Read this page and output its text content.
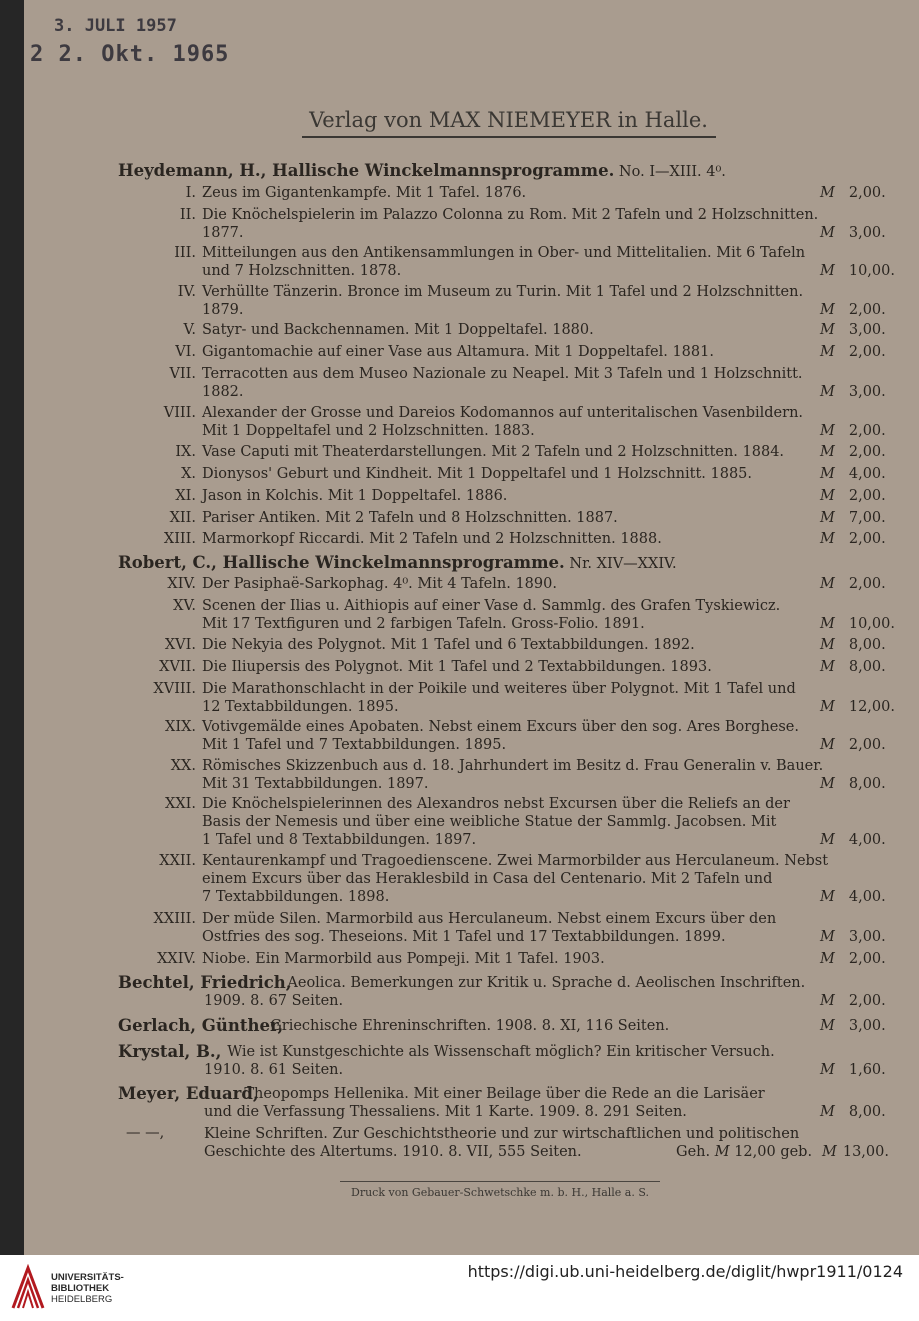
3. JULI 1957
2 2. Okt. 1965
Verlag von MAX NIEMEYER in Halle.
Heydemann, H., Hallische Winckelmannsprogramme. No. I—XIII. 4⁰.
I. Zeus im Gigantenkampfe. Mit 1 Tafel. 1876.	M 2,00.
II. Die Knöchelspielerin im Palazzo Colonna zu Rom. Mit 2 Tafeln und 2 Holzschnitten.
1877.	M 3,00.
III. Mitteilungen aus den Antikensammlungen in Ober- und Mittelitalien. Mit 6 Tafeln
und 7 Holzschnitten. 1878.	M 10,00.
IV. Verhüllte Tänzerin. Bronce im Museum zu Turin. Mit 1 Tafel und 2 Holzschnitten.
1879.	M 2,00.
V. Satyr- und Backchennamen. Mit 1 Doppeltafel. 1880.	M 3,00.
VI. Gigantomachie auf einer Vase aus Altamura. Mit 1 Doppeltafel. 1881.	M 2,00.
VII. Terracotten aus dem Museo Nazionale zu Neapel. Mit 3 Tafeln und 1 Holzschnitt.
1882.	M 3,00.
VIII. Alexander der Grosse und Dareios Kodomannos auf unteritalischen Vasenbildern.
Mit 1 Doppeltafel und 2 Holzschnitten. 1883.	M 2,00.
IX. Vase Caputi mit Theaterdarstellungen. Mit 2 Tafeln und 2 Holzschnitten. 1884. M 2,00.
X. Dionysos' Geburt und Kindheit. Mit 1 Doppeltafel und 1 Holzschnitt. 1885.	M 4,00.
XI. Jason in Kolchis. Mit 1 Doppeltafel. 1886.	M 2,00.
XII. Pariser Antiken. Mit 2 Tafeln und 8 Holzschnitten. 1887.	M 7,00.
XIII. Marmorkopf Riccardi. Mit 2 Tafeln und 2 Holzschnitten. 1888.	M 2,00.
Robert, C., Hallische Winckelmannsprogramme. Nr. XIV—XXIV.
XIV. Der Pasiphaë-Sarkophag. 4⁰. Mit 4 Tafeln. 1890.	M 2,00.
XV. Scenen der Ilias u. Aithiopis auf einer Vase d. Sammlg. des Grafen Tyskiewicz.
Mit 17 Textfiguren und 2 farbigen Tafeln. Gross-Folio. 1891.	M 10,00.
XVI. Die Nekyia des Polygnot. Mit 1 Tafel und 6 Textabbildungen. 1892.	M 8,00.
XVII. Die Iliupersis des Polygnot. Mit 1 Tafel und 2 Textabbildungen. 1893.	M 8,00.
XVIII. Die Marathonschlacht in der Poikile und weiteres über Polygnot. Mit 1 Tafel und
12 Textabbildungen. 1895.	M 12,00.
XIX. Votivgemälde eines Apobaten. Nebst einem Excurs über den sog. Ares Borghese.
Mit 1 Tafel und 7 Textabbildungen. 1895.	M 2,00.
XX. Römisches Skizzenbuch aus d. 18. Jahrhundert im Besitz d. Frau Generalin v. Bauer.
Mit 31 Textabbildungen. 1897.	M 8,00.
XXI. Die Knöchelspielerinnen des Alexandros nebst Excursen über die Reliefs an der
Basis der Nemesis und über eine weibliche Statue der Sammlg. Jacobsen. Mit
1 Tafel und 8 Textabbildungen. 1897.	M 4,00.
XXII. Kentaurenkampf und Tragoedienscene. Zwei Marmorbilder aus Herculaneum. Nebst
einem Excurs über das Heraklesbild in Casa del Centenario. Mit 2 Tafeln und
7 Textabbildungen. 1898.	M 4,00.
XXIII. Der müde Silen. Marmorbild aus Herculaneum. Nebst einem Excurs über den
Ostfries des sog. Theseions. Mit 1 Tafel und 17 Textabbildungen. 1899.	M 3,00.
XXIV. Niobe. Ein Marmorbild aus Pompeji. Mit 1 Tafel. 1903.	M 2,00.
Bechtel, Friedrich,
Aeolica. Bemerkungen zur Kritik u. Sprache d. Aeolischen Inschriften.
1909. 8. 67 Seiten.	M 2,00.
Gerlach, Günther,
Griechische Ehreninschriften. 1908. 8. XI, 116 Seiten.	M 3,00.
Krystal, B., Wie ist Kunstgeschichte als Wissenschaft möglich? Ein kritischer Versuch.
1910. 8. 61 Seiten.	M 1,60.
Meyer, Eduard,
Theopomps Hellenika. Mit einer Beilage über die Rede an die Larisäer
und die Verfassung Thessaliens. Mit 1 Karte. 1909. 8. 291 Seiten.	M 8,00.
— —,	Kleine Schriften. Zur Geschichtstheorie und zur wirtschaftlichen und politischen
Geschichte des Altertums. 1910. 8. VII, 555 Seiten.	Geh. M 12,00 geb. M 13,00.
Druck von Gebauer-Schwetschke m. b. H., Halle a. S.
UNIVERSITÄTS-
BIBLIOTHEK
HEIDELBERG
https://digi.ub.uni-heidelberg.de/diglit/hwpr1911/0124
